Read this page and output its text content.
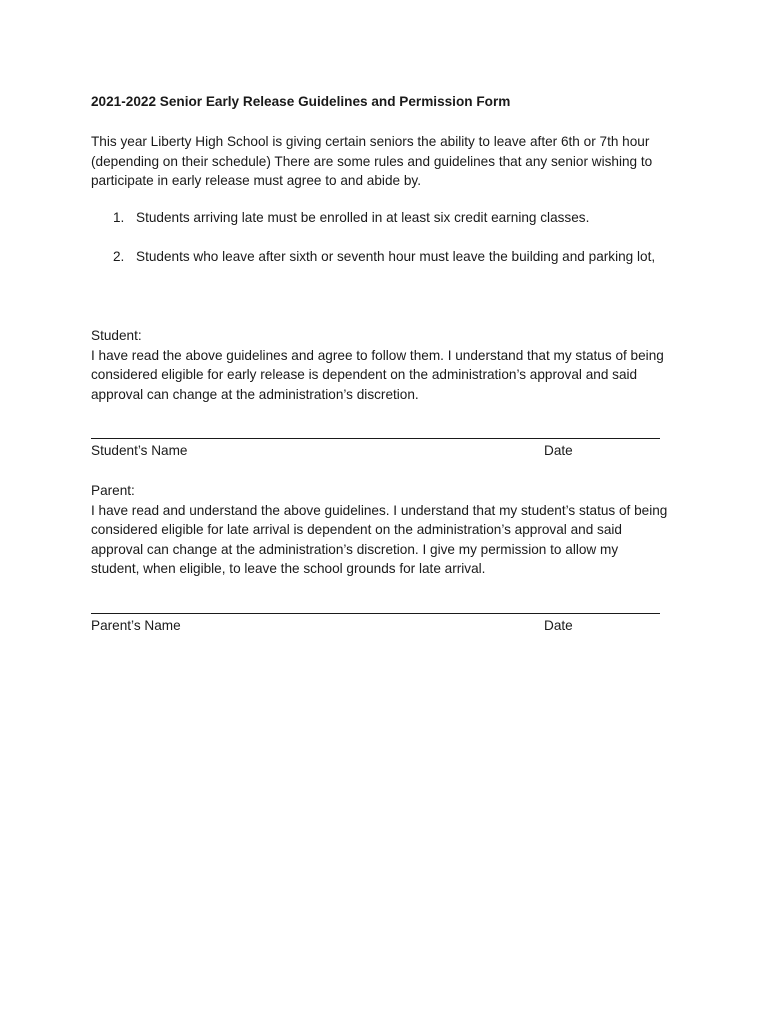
2021-2022 Senior Early Release Guidelines and Permission Form
This year Liberty High School is giving certain seniors the ability to leave after 6th or 7th hour
(depending on their schedule) There are some rules and guidelines that any senior wishing to
participate in early release must agree to and abide by.
1. Students arriving late must be enrolled in at least six credit earning classes.
2. Students who leave after sixth or seventh hour must leave the building and parking lot,
Student:
I have read the above guidelines and agree to follow them. I understand that my status of being
considered eligible for early release is dependent on the administration’s approval and said
approval can change at the administration’s discretion.
Student’s Name	Date
Parent:
I have read and understand the above guidelines. I understand that my student’s status of being
considered eligible for late arrival is dependent on the administration’s approval and said
approval can change at the administration’s discretion. I give my permission to allow my
student, when eligible, to leave the school grounds for late arrival.
Parent’s Name	Date
